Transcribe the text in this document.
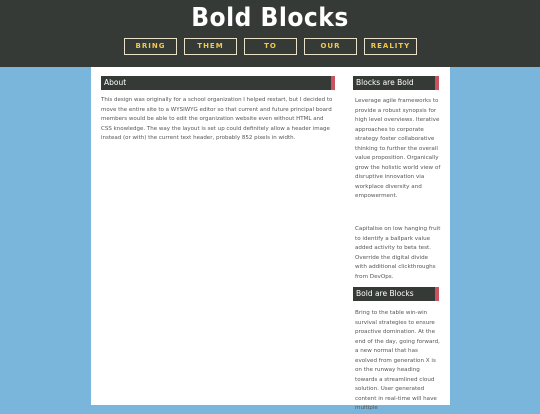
Bold Blocks
BRING	THEM	TO	OUR	REALITY
About

This design was originally for a school organization I helped restart, but I decided to move the entire site to a WYSIWYG editor so that current and future principal board members would be able to edit the organization website even without HTML and CSS knowledge. The way the layout is set up could definitely allow a header image instead (or with) the current text header, probably 852 pixels in width.

Blocks are Bold

Leverage agile frameworks to provide a robust synopsis for high level overviews. Iterative approaches to corporate strategy foster collaborative thinking to further the overall value proposition. Organically grow the holistic world view of disruptive innovation via workplace diversity and empowerment.

Capitalise on low hanging fruit to identify a ballpark value added activity to beta test. Override the digital divide with additional clickthroughs from DevOps.

Bold are Blocks

Bring to the table win-win survival strategies to ensure proactive domination. At the end of the day, going forward, a new normal that has evolved from generation X is on the runway heading towards a streamlined cloud solution. User generated content in real-time will have multiple
